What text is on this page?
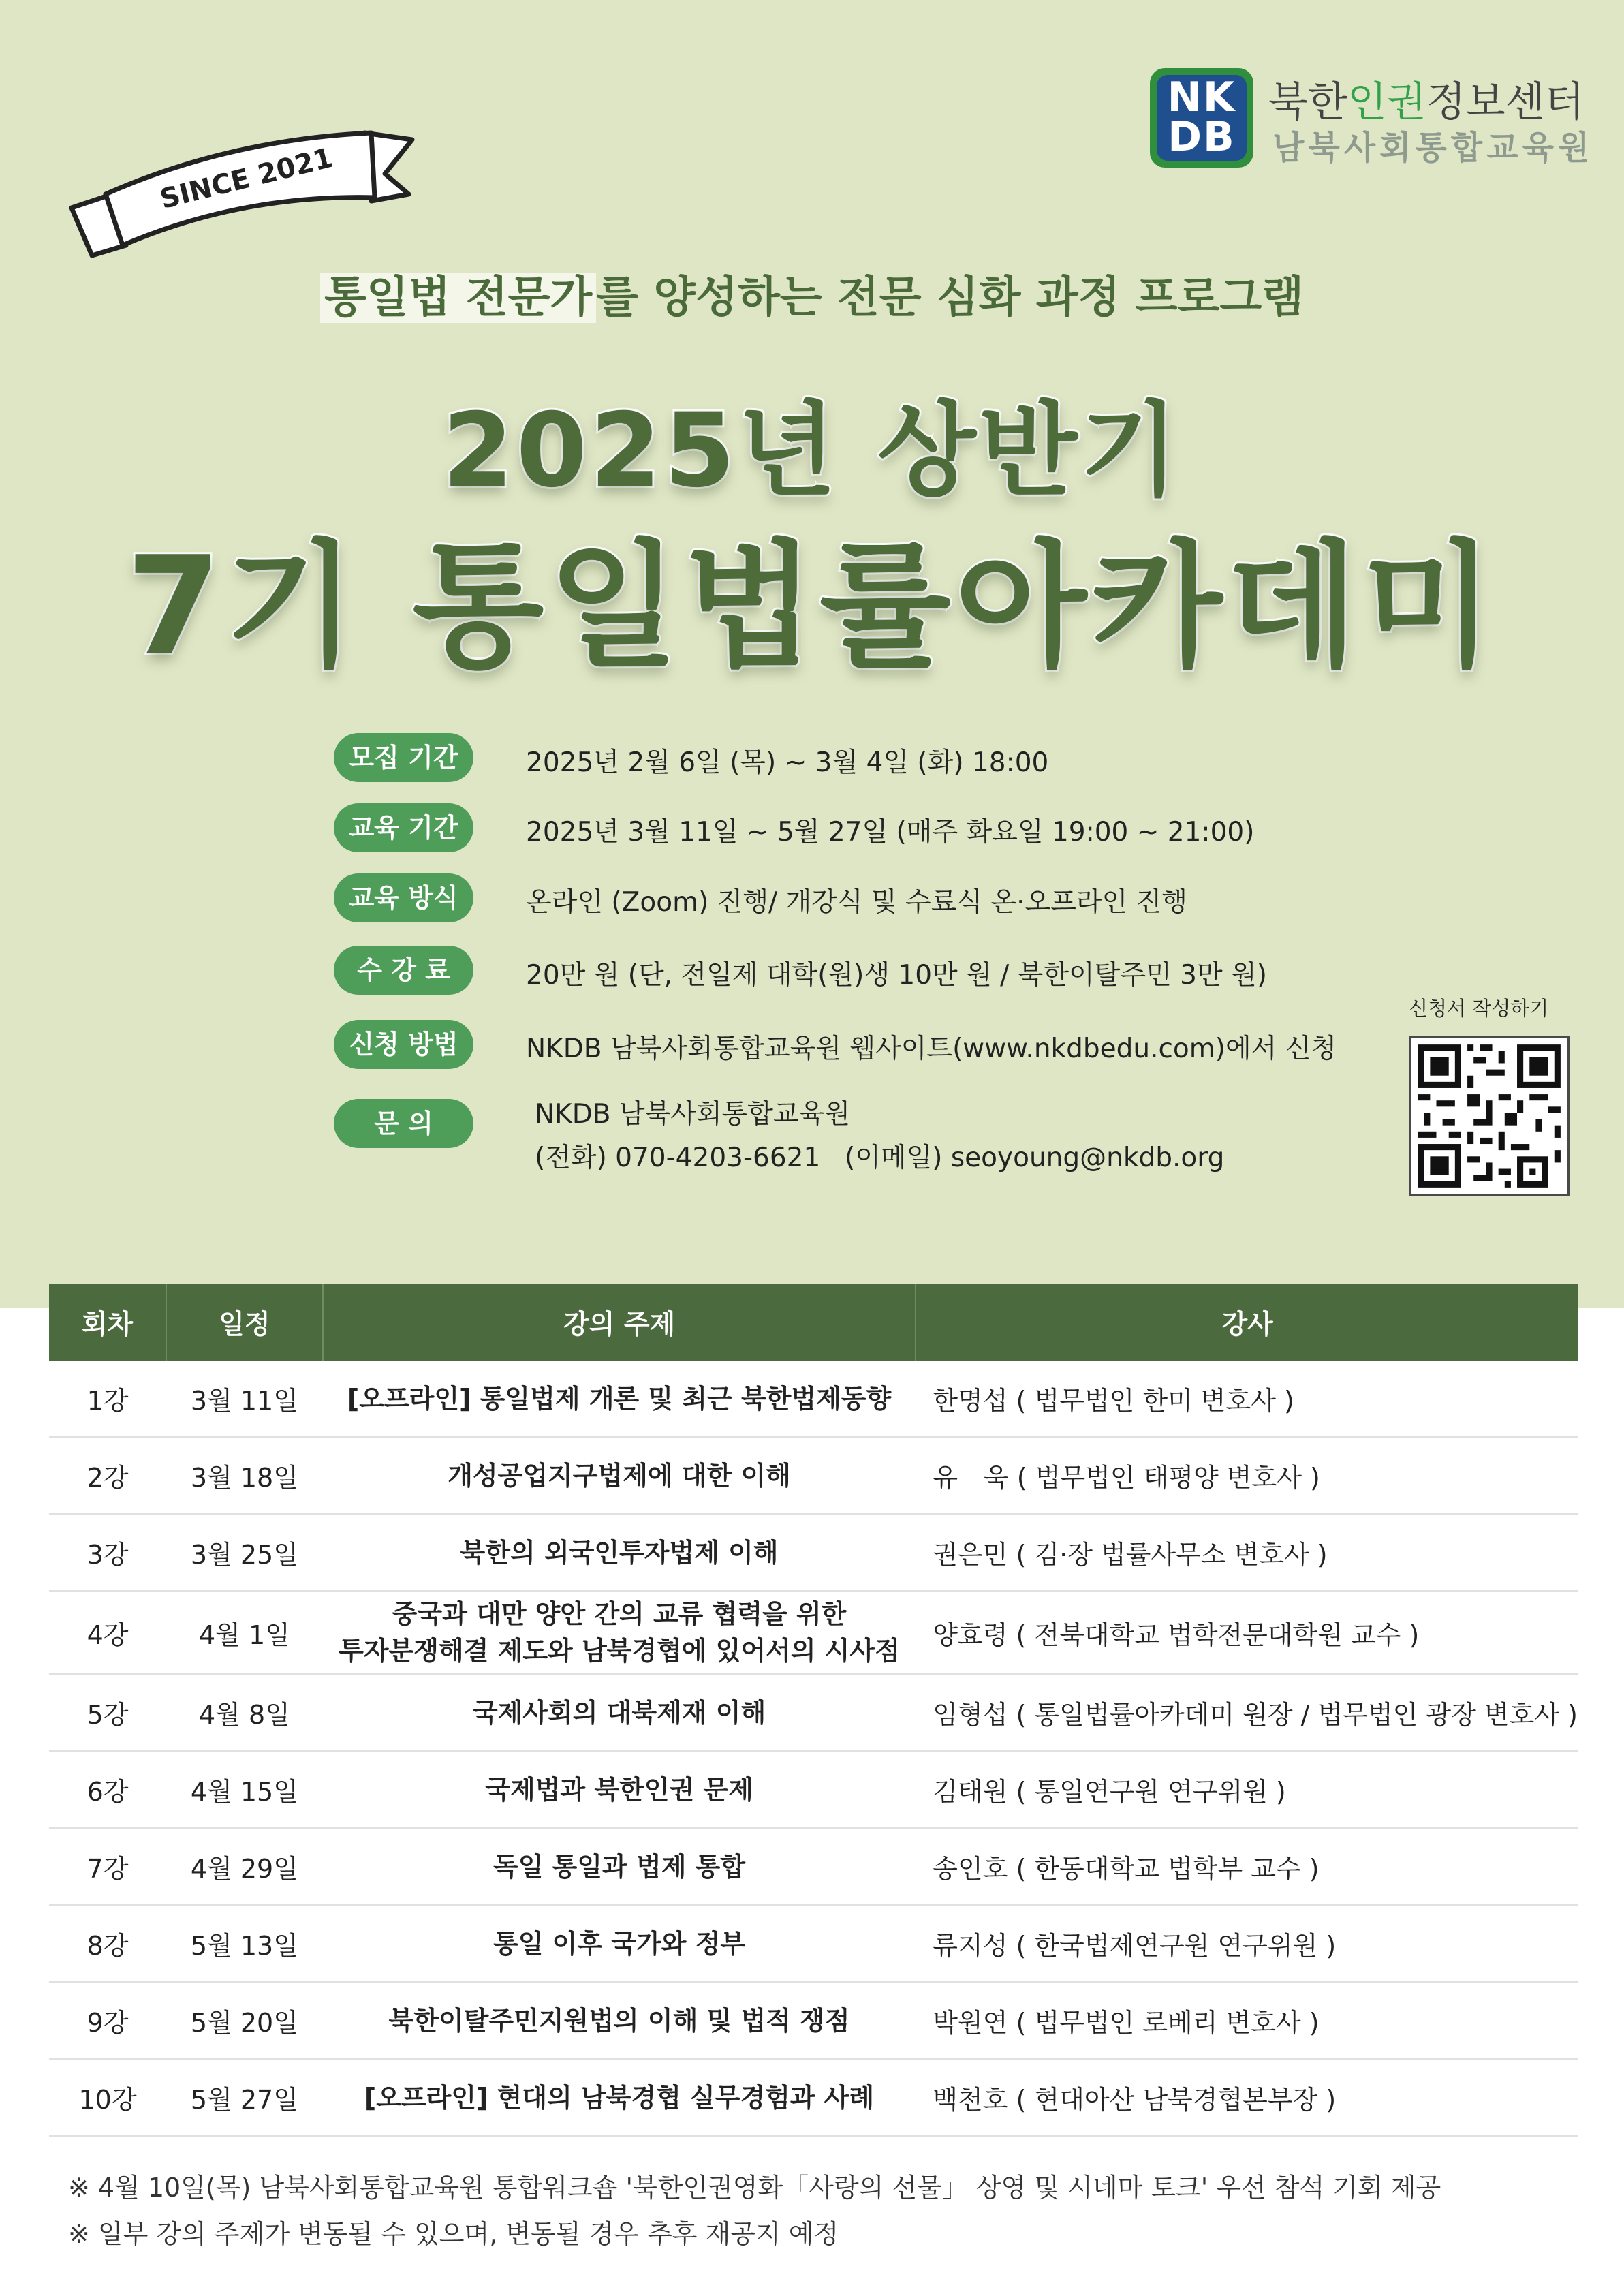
NK
DB
북한인권정보센터
남북사회통합교육원
SINCE 2021
통일법 전문가를 양성하는 전문 심화 과정 프로그램
2025년 상반기
7기 통일법률아카데미
모집 기간	2025년 2월 6일 (목) ~ 3월 4일 (화) 18:00
교육 기간	2025년 3월 11일 ~ 5월 27일 (매주 화요일 19:00 ~ 21:00)
교육 방식	온라인 (Zoom) 진행/ 개강식 및 수료식 온·오프라인 진행
수 강 료	20만 원 (단, 전일제 대학(원)생 10만 원 / 북한이탈주민 3만 원)
신청 방법	NKDB 남북사회통합교육원 웹사이트(www.nkdbedu.com)에서 신청
문 의	NKDB 남북사회통합교육원
(전화) 070-4203-6621 (이메일) seoyoung@nkdb.org
신청서 작성하기
회차	일정	강의 주제	강사
1강	3월 11일	[오프라인] 통일법제 개론 및 최근 북한법제동향	한명섭 ( 법무법인 한미 변호사 )
2강	3월 18일	개성공업지구법제에 대한 이해	유　욱 ( 법무법인 태평양 변호사 )
3강	3월 25일	북한의 외국인투자법제 이해	권은민 ( 김·장 법률사무소 변호사 )
4강	4월 1일	중국과 대만 양안 간의 교류 협력을 위한
투자분쟁해결 제도와 남북경협에 있어서의 시사점	양효령 ( 전북대학교 법학전문대학원 교수 )
5강	4월 8일	국제사회의 대북제재 이해	임형섭 ( 통일법률아카데미 원장 / 법무법인 광장 변호사 )
6강	4월 15일	국제법과 북한인권 문제	김태원 ( 통일연구원 연구위원 )
7강	4월 29일	독일 통일과 법제 통합	송인호 ( 한동대학교 법학부 교수 )
8강	5월 13일	통일 이후 국가와 정부	류지성 ( 한국법제연구원 연구위원 )
9강	5월 20일	북한이탈주민지원법의 이해 및 법적 쟁점	박원연 ( 법무법인 로베리 변호사 )
10강	5월 27일	[오프라인] 현대의 남북경협 실무경험과 사례	백천호 ( 현대아산 남북경협본부장 )
※ 4월 10일(목) 남북사회통합교육원 통합워크숍 '북한인권영화「사랑의 선물」 상영 및 시네마 토크' 우선 참석 기회 제공
※ 일부 강의 주제가 변동될 수 있으며, 변동될 경우 추후 재공지 예정
